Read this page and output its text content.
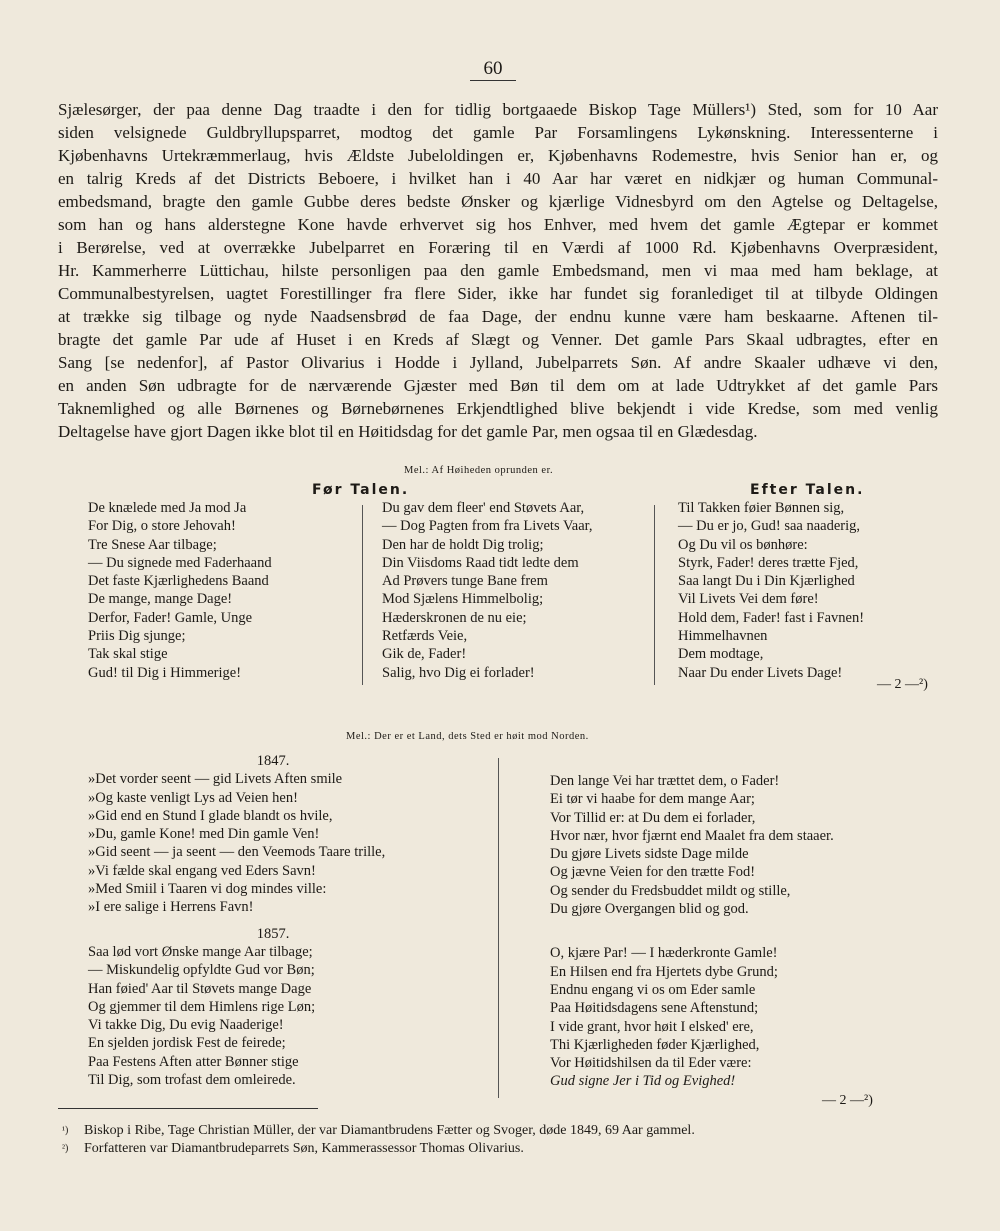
60
Sjælesørger, der paa denne Dag traadte i den for tidlig bortgaaede Biskop Tage Müllers¹) Sted, som for 10 Aar
siden velsignede Guldbryllupsparret, modtog det gamle Par Forsamlingens Lykønskning. Interessenterne i
Kjøbenhavns Urtekræmmerlaug, hvis Ældste Jubeloldingen er, Kjøbenhavns Rodemestre, hvis Senior han er, og
en talrig Kreds af det Districts Beboere, i hvilket han i 40 Aar har været en nidkjær og human Communal-
embedsmand, bragte den gamle Gubbe deres bedste Ønsker og kjærlige Vidnesbyrd om den Agtelse og Deltagelse,
som han og hans alderstegne Kone havde erhvervet sig hos Enhver, med hvem det gamle Ægtepar er kommet
i Berørelse, ved at overrække Jubelparret en Foræring til en Værdi af 1000 Rd. Kjøbenhavns Overpræsident,
Hr. Kammerherre Lüttichau, hilste personligen paa den gamle Embedsmand, men vi maa med ham beklage, at
Communalbestyrelsen, uagtet Forestillinger fra flere Sider, ikke har fundet sig foranlediget til at tilbyde Oldingen
at trække sig tilbage og nyde Naadsensbrød de faa Dage, der endnu kunne være ham beskaarne. Aftenen til-
bragte det gamle Par ude af Huset i en Kreds af Slægt og Venner. Det gamle Pars Skaal udbragtes, efter en
Sang [se nedenfor], af Pastor Olivarius i Hodde i Jylland, Jubelparrets Søn. Af andre Skaaler udhæve vi den,
en anden Søn udbragte for de nærværende Gjæster med Bøn til dem om at lade Udtrykket af det gamle Pars
Taknemlighed og alle Børnenes og Børnebørnenes Erkjendtlighed blive bekjendt i vide Kredse, som med venlig
Deltagelse have gjort Dagen ikke blot til en Høitidsdag for det gamle Par, men ogsaa til en Glædesdag.
Mel.: Af Høiheden oprunden er.
Før Talen.	Efter Talen.
De knælede med Ja mod Ja
For Dig, o store Jehovah!
Tre Snese Aar tilbage;
— Du signede med Faderhaand
Det faste Kjærlighedens Baand
De mange, mange Dage!
Derfor, Fader! Gamle, Unge
Priis Dig sjunge;
Tak skal stige
Gud! til Dig i Himmerige!
Du gav dem fleer' end Støvets Aar,
— Dog Pagten from fra Livets Vaar,
Den har de holdt Dig trolig;
Din Viisdoms Raad tidt ledte dem
Ad Prøvers tunge Bane frem
Mod Sjælens Himmelbolig;
Hæderskronen de nu eie;
Retfærds Veie,
Gik de, Fader!
Salig, hvo Dig ei forlader!
Til Takken føier Bønnen sig,
— Du er jo, Gud! saa naaderig,
Og Du vil os bønhøre:
Styrk, Fader! deres trætte Fjed,
Saa langt Du i Din Kjærlighed
Vil Livets Vei dem føre!
Hold dem, Fader! fast i Favnen!
Himmelhavnen
Dem modtage,
Naar Du ender Livets Dage!
— 2 —²)
Mel.: Der er et Land, dets Sted er høit mod Norden.
1847.
»Det vorder seent — gid Livets Aften smile
»Og kaste venligt Lys ad Veien hen!
»Gid end en Stund I glade blandt os hvile,
»Du, gamle Kone! med Din gamle Ven!
»Gid seent — ja seent — den Veemods Taare trille,
»Vi fælde skal engang ved Eders Savn!
»Med Smiil i Taaren vi dog mindes ville:
»I ere salige i Herrens Favn!
1857.
Saa lød vort Ønske mange Aar tilbage;
— Miskundelig opfyldte Gud vor Bøn;
Han føied' Aar til Støvets mange Dage
Og gjemmer til dem Himlens rige Løn;
Vi takke Dig, Du evig Naaderige!
En sjelden jordisk Fest de feirede;
Paa Festens Aften atter Bønner stige
Til Dig, som trofast dem omleirede.
Den lange Vei har trættet dem, o Fader!
Ei tør vi haabe for dem mange Aar;
Vor Tillid er: at Du dem ei forlader,
Hvor nær, hvor fjærnt end Maalet fra dem staaer.
Du gjøre Livets sidste Dage milde
Og jævne Veien for den trætte Fod!
Og sender du Fredsbuddet mildt og stille,
Du gjøre Overgangen blid og god.
O, kjære Par! — I hæderkronte Gamle!
En Hilsen end fra Hjertets dybe Grund;
Endnu engang vi os om Eder samle
Paa Høitidsdagens sene Aftenstund;
I vide grant, hvor høit I elsked' ere,
Thi Kjærligheden føder Kjærlighed,
Vor Høitidshilsen da til Eder være:
Gud signe Jer i Tid og Evighed!
— 2 —²)
¹)	Biskop i Ribe, Tage Christian Müller, der var Diamantbrudens Fætter og Svoger, døde 1849, 69 Aar gammel.
²)	Forfatteren var Diamantbrudeparrets Søn, Kammerassessor Thomas Olivarius.
